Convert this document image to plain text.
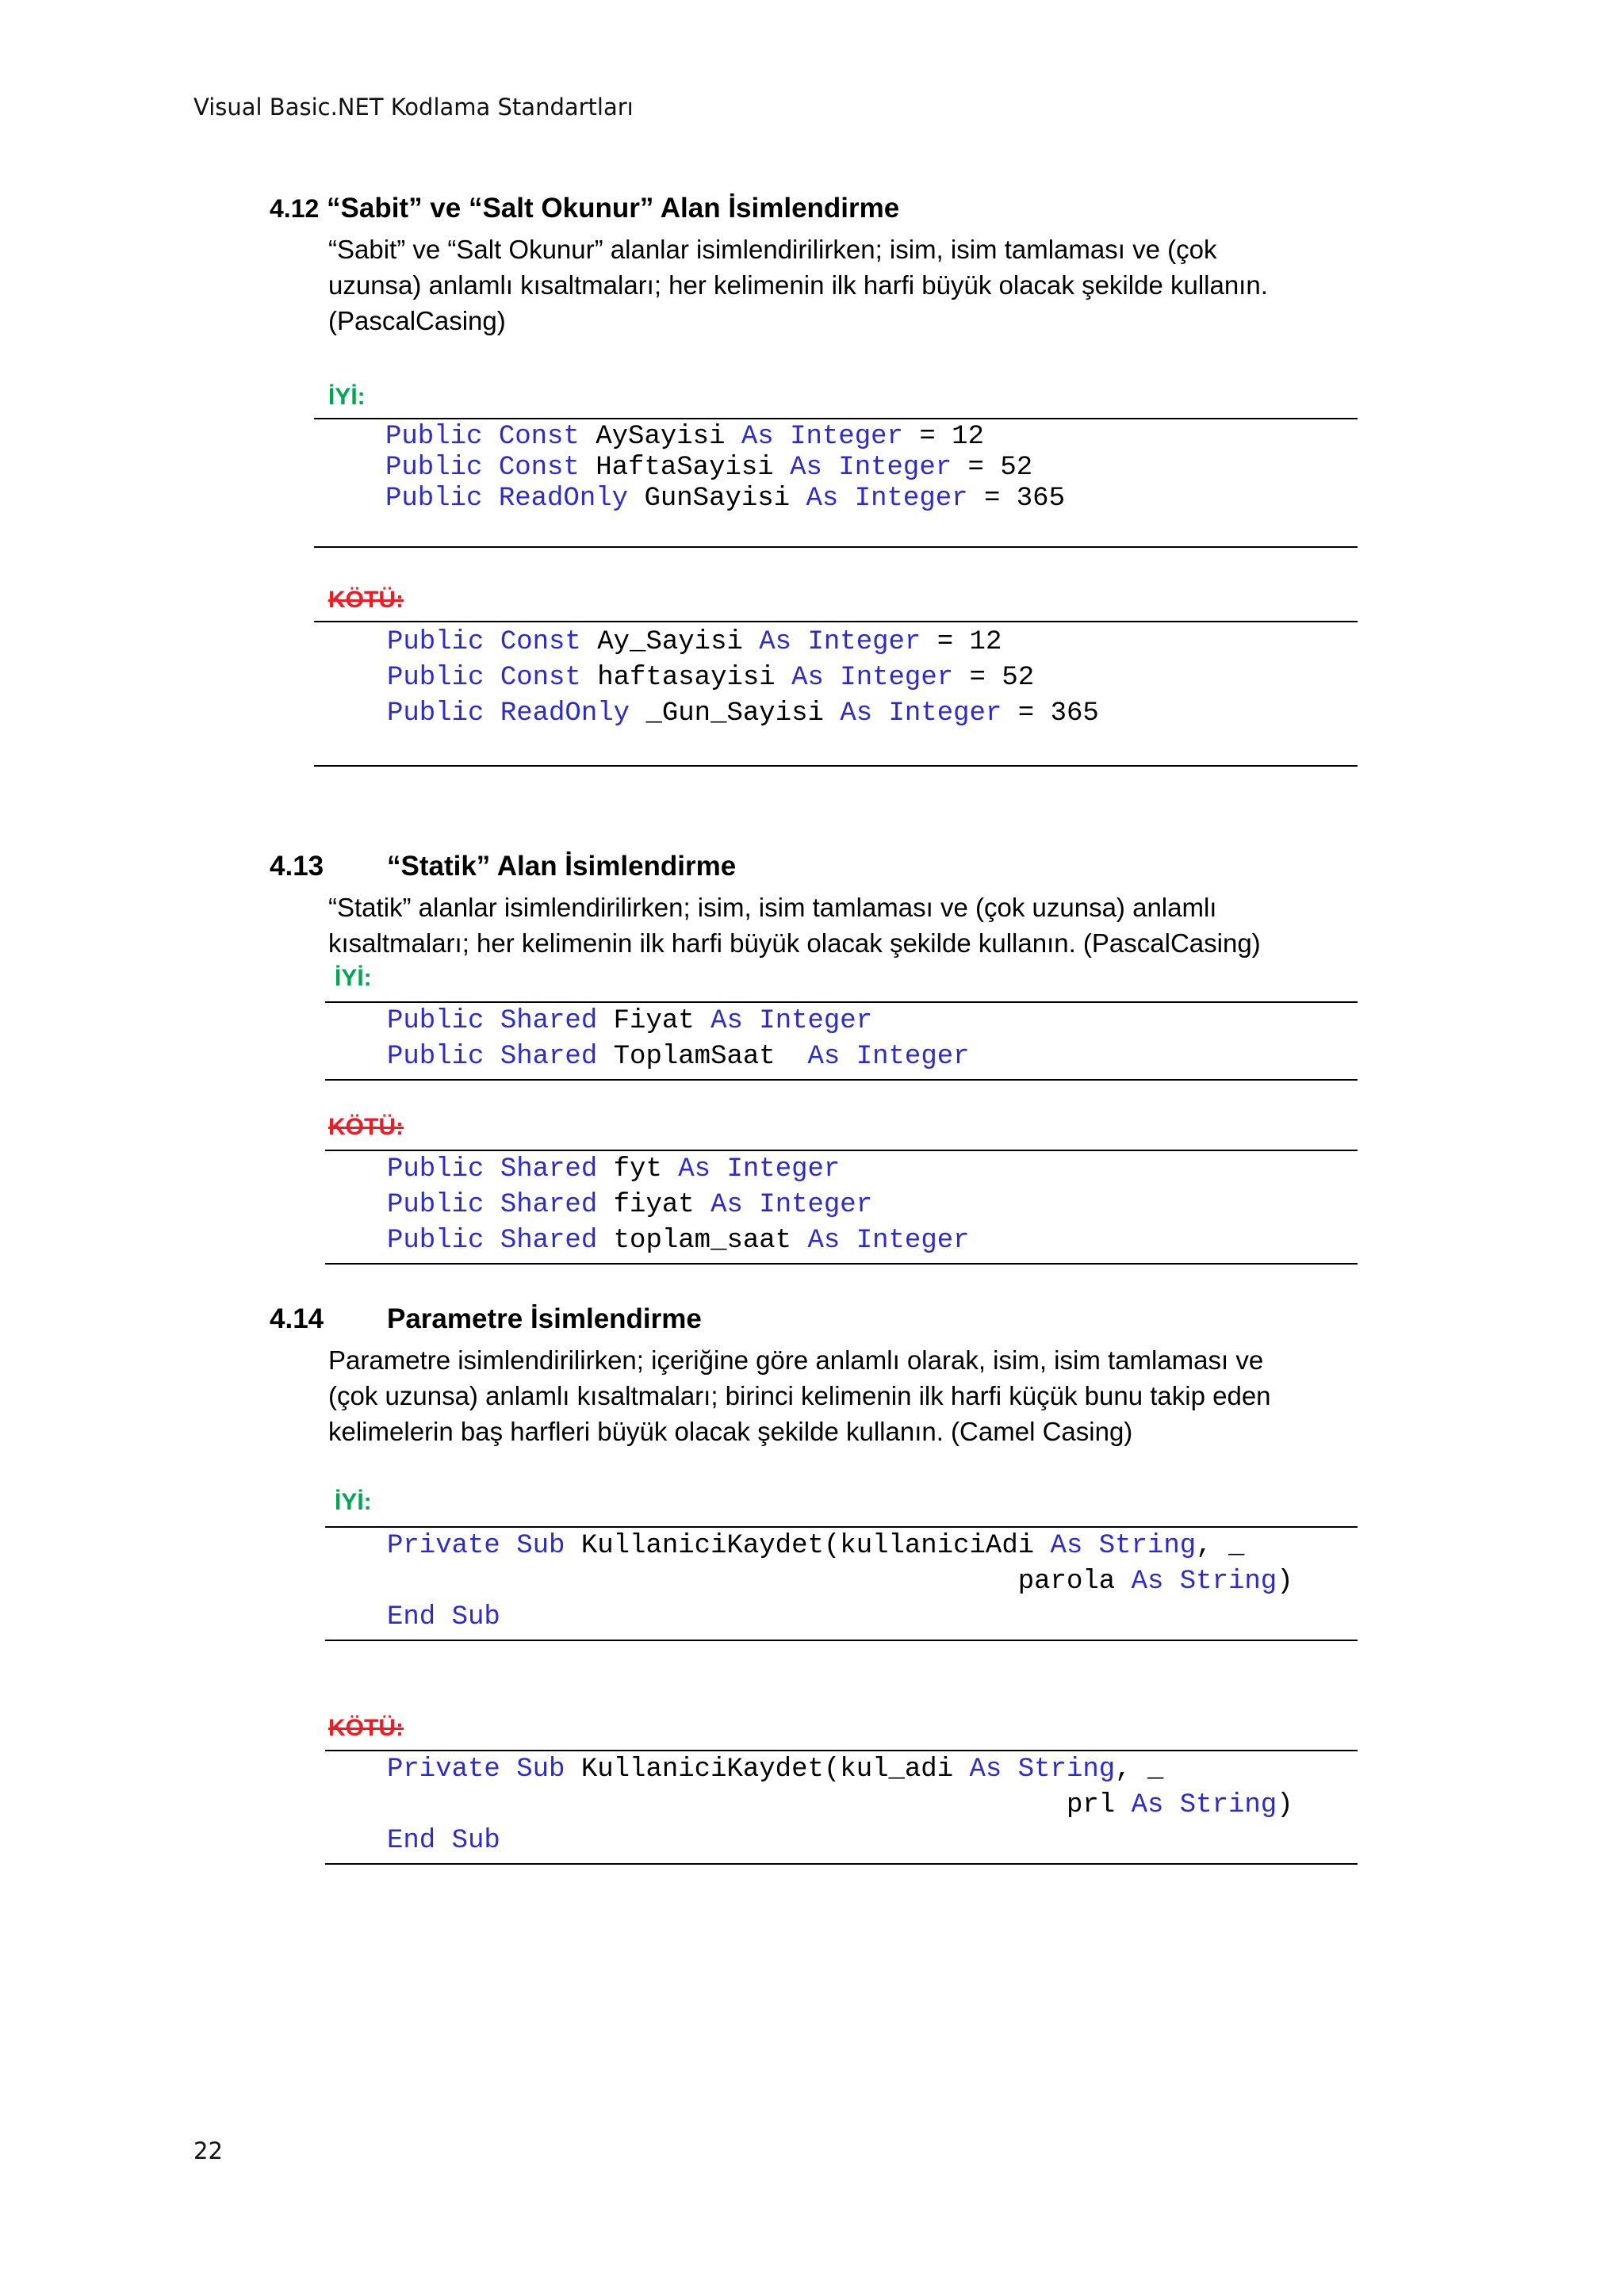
Visual Basic.NET Kodlama Standartları
4.12 “Sabit” ve “Salt Okunur” Alan İsimlendirme
“Sabit” ve “Salt Okunur” alanlar isimlendirilirken; isim, isim tamlaması ve (çok
uzunsa) anlamlı kısaltmaları; her kelimenin ilk harfi büyük olacak şekilde kullanın.
(PascalCasing)
İYİ:
Public Const AySayisi As Integer = 12
Public Const HaftaSayisi As Integer = 52
Public ReadOnly GunSayisi As Integer = 365
KÖTÜ:
Public Const Ay_Sayisi As Integer = 12
Public Const haftasayisi As Integer = 52
Public ReadOnly _Gun_Sayisi As Integer = 365
4.13 “Statik” Alan İsimlendirme
“Statik” alanlar isimlendirilirken; isim, isim tamlaması ve (çok uzunsa) anlamlı
kısaltmaları; her kelimenin ilk harfi büyük olacak şekilde kullanın. (PascalCasing)
İYİ:
Public Shared Fiyat As Integer
Public Shared ToplamSaat  As Integer
KÖTÜ:
Public Shared fyt As Integer
Public Shared fiyat As Integer
Public Shared toplam_saat As Integer
4.14 Parametre İsimlendirme
Parametre isimlendirilirken; içeriğine göre anlamlı olarak, isim, isim tamlaması ve
(çok uzunsa) anlamlı kısaltmaları; birinci kelimenin ilk harfi küçük bunu takip eden
kelimelerin baş harfleri büyük olacak şekilde kullanın. (Camel Casing)
İYİ:
Private Sub KullaniciKaydet(kullaniciAdi As String, _
parola As String)
End Sub
KÖTÜ:
Private Sub KullaniciKaydet(kul_adi As String, _
prl As String)
End Sub
22
